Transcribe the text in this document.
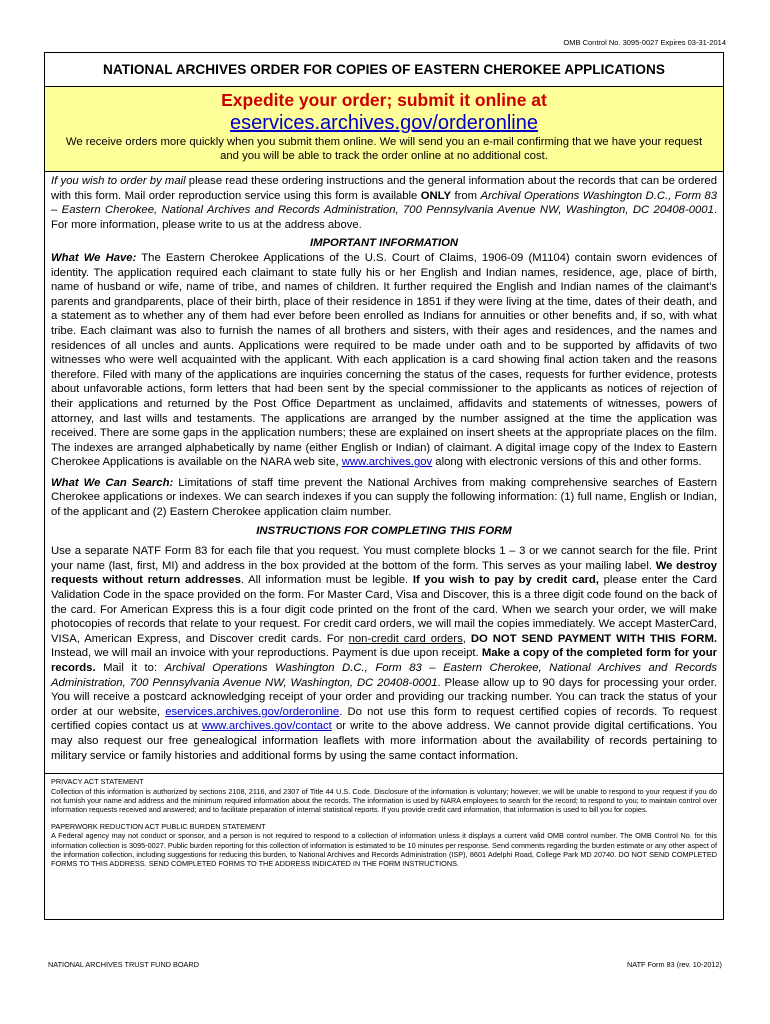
OMB Control No. 3095-0027 Expires 03-31-2014
NATIONAL ARCHIVES ORDER FOR COPIES OF EASTERN CHEROKEE APPLICATIONS
Expedite your order; submit it online at
eservices.archives.gov/orderonline
We receive orders more quickly when you submit them online. We will send you an e-mail confirming that we have your request and you will be able to track the order online at no additional cost.

If you wish to order by mail please read these ordering instructions and the general information about the records that can be ordered with this form. Mail order reproduction service using this form is available ONLY from Archival Operations Washington D.C., Form 83 – Eastern Cherokee, National Archives and Records Administration, 700 Pennsylvania Avenue NW, Washington, DC 20408-0001. For more information, please write to us at the address above.

IMPORTANT INFORMATION

What We Have: The Eastern Cherokee Applications of the U.S. Court of Claims, 1906-09 (M1104) contain sworn evidences of identity. The application required each claimant to state fully his or her English and Indian names, residence, age, place of birth, name of husband or wife, name of tribe, and names of children. It further required the English and Indian names of the claimant's parents and grandparents, place of their birth, place of their residence in 1851 if they were living at the time, dates of their death, and a statement as to whether any of them had ever before been enrolled as Indians for annuities or other benefits and, if so, with what tribe. Each claimant was also to furnish the names of all brothers and sisters, with their ages and residences, and the names and residences of all uncles and aunts. Applications were required to be made under oath and to be supported by affidavits of two witnesses who were well acquainted with the applicant. With each application is a card showing final action taken and the reasons therefore. Filed with many of the applications are inquiries concerning the status of the cases, requests for further evidence, protests about unfavorable actions, form letters that had been sent by the special commissioner to the applicants as notices of rejection of their applications and returned by the Post Office Department as unclaimed, affidavits and statements of witnesses, powers of attorney, and last wills and testaments. The applications are arranged by the number assigned at the time the application was received. There are some gaps in the application numbers; these are explained on insert sheets at the appropriate places on the film. The indexes are arranged alphabetically by name (either English or Indian) of claimant. A digital image copy of the Index to Eastern Cherokee Applications is available on the NARA web site, www.archives.gov along with electronic versions of this and other forms.

What We Can Search: Limitations of staff time prevent the National Archives from making comprehensive searches of Eastern Cherokee applications or indexes. We can search indexes if you can supply the following information: (1) full name, English or Indian, of the applicant and (2) Eastern Cherokee application claim number.

INSTRUCTIONS FOR COMPLETING THIS FORM

Use a separate NATF Form 83 for each file that you request. You must complete blocks 1 – 3 or we cannot search for the file. Print your name (last, first, MI) and address in the box provided at the bottom of the form. This serves as your mailing label. We destroy requests without return addresses. All information must be legible. If you wish to pay by credit card, please enter the Card Validation Code in the space provided on the form. For Master Card, Visa and Discover, this is a three digit code found on the back of the card. For American Express this is a four digit code printed on the front of the card. When we search your order, we will make photocopies of records that relate to your request. For credit card orders, we will mail the copies immediately. We accept MasterCard, VISA, American Express, and Discover credit cards. For non-credit card orders, DO NOT SEND PAYMENT WITH THIS FORM. Instead, we will mail an invoice with your reproductions. Payment is due upon receipt. Make a copy of the completed form for your records. Mail it to: Archival Operations Washington D.C., Form 83 – Eastern Cherokee, National Archives and Records Administration, 700 Pennsylvania Avenue NW, Washington, DC 20408-0001. Please allow up to 90 days for processing your order. You will receive a postcard acknowledging receipt of your order and providing our tracking number. You can track the status of your order at our website, eservices.archives.gov/orderonline. Do not use this form to request certified copies of records. To request certified copies contact us at www.archives.gov/contact or write to the above address. We cannot provide digital certifications. You may also request our free genealogical information leaflets with more information about the availability of records pertaining to military service or family histories and additional forms by using the same contact information.

PRIVACY ACT STATEMENT

Collection of this information is authorized by sections 2108, 2116, and 2307 of Title 44 U.S. Code. Disclosure of the information is voluntary; however, we will be unable to respond to your request if you do not furnish your name and address and the minimum required information about the records. The information is used by NARA employees to search for the record; to respond to you; to maintain control over information requests received and answered; and to facilitate preparation of internal statistical reports. If you provide credit card information, that information is used to bill you for copies.

PAPERWORK REDUCTION ACT PUBLIC BURDEN STATEMENT

A Federal agency may not conduct or sponsor, and a person is not required to respond to a collection of information unless it displays a current valid OMB control number. The OMB Control No. for this information collection is 3095-0027. Public burden reporting for this collection of information is estimated to be 10 minutes per response. Send comments regarding the burden estimate or any other aspect of the information collection, including suggestions for reducing this burden, to National Archives and Records Administration (ISP), 8601 Adelphi Road, College Park MD 20740. DO NOT SEND COMPLETED FORMS TO THIS ADDRESS. SEND COMPLETED FORMS TO THE ADDRESS INDICATED IN THE FORM INSTRUCTIONS.

NATIONAL ARCHIVES TRUST FUND BOARD	NATF Form 83 (rev. 10-2012)
